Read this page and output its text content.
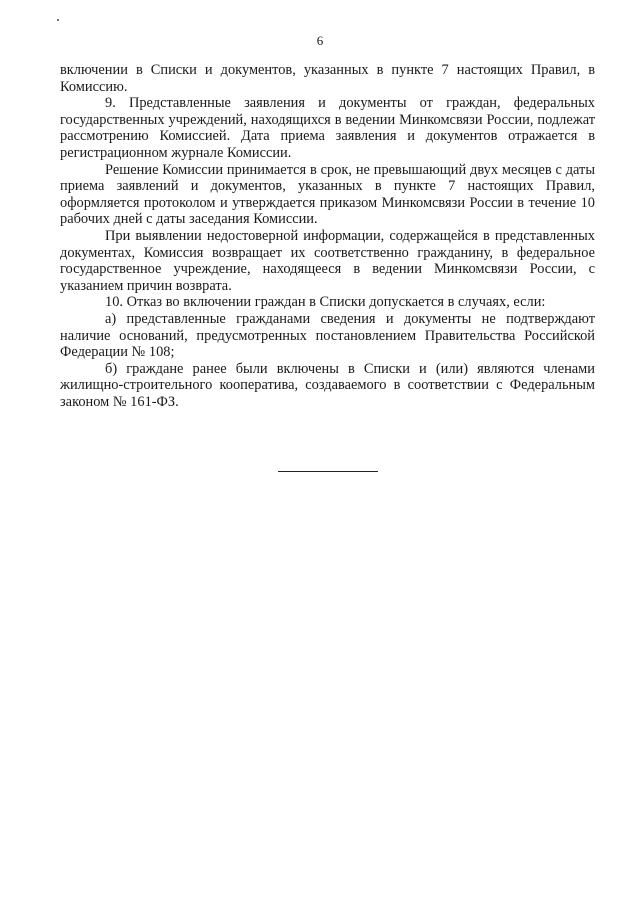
6

включении в Списки и документов, указанных в пункте 7 настоящих Правил, в Комиссию.

9. Представленные заявления и документы от граждан, федеральных государственных учреждений, находящихся в ведении Минкомсвязи России, подлежат рассмотрению Комиссией. Дата приема заявления и документов отражается в регистрационном журнале Комиссии.

Решение Комиссии принимается в срок, не превышающий двух месяцев с даты приема заявлений и документов, указанных в пункте 7 настоящих Правил, оформляется протоколом и утверждается приказом Минкомсвязи России в течение 10 рабочих дней с даты заседания Комиссии.

При выявлении недостоверной информации, содержащейся в представленных документах, Комиссия возвращает их соответственно гражданину, в федеральное государственное учреждение, находящееся в ведении Минкомсвязи России, с указанием причин возврата.

10. Отказ во включении граждан в Списки допускается в случаях, если:

а) представленные гражданами сведения и документы не подтверждают наличие оснований, предусмотренных постановлением Правительства Российской Федерации № 108;

б) граждане ранее были включены в Списки и (или) являются членами жилищно-строительного кооператива, создаваемого в соответствии с Федеральным законом № 161-ФЗ.
